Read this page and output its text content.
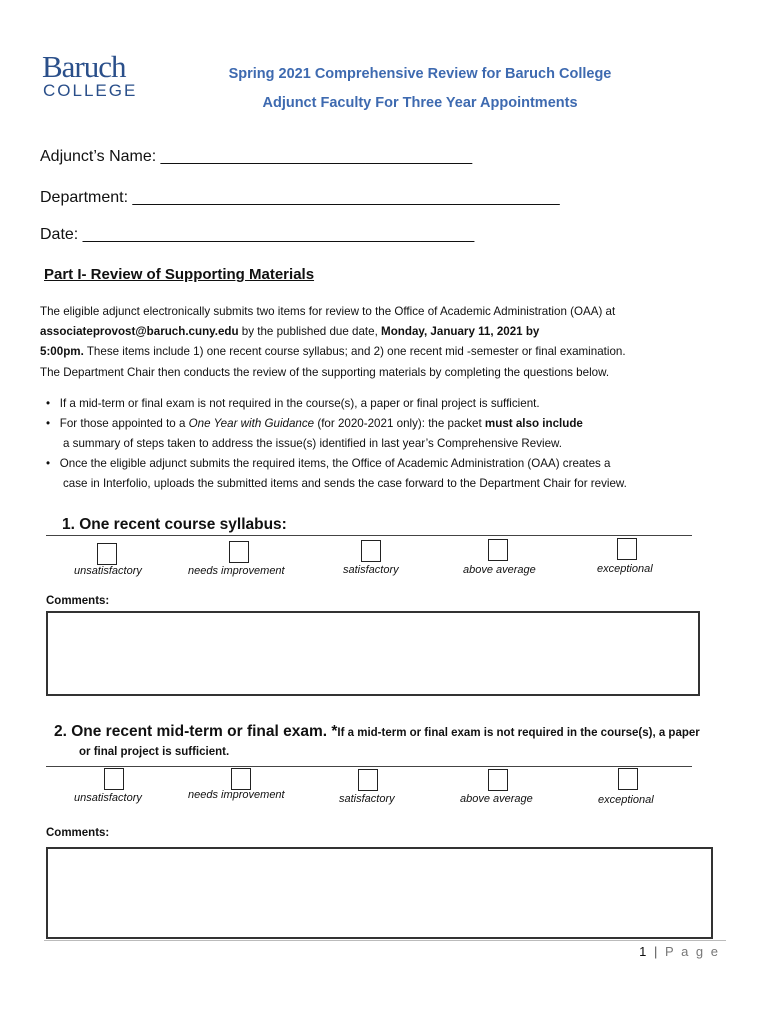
Baruch
COLLEGE
Spring 2021 Comprehensive Review for Baruch College
Adjunct Faculty For Three Year Appointments
Adjunct’s Name: ___________________________________
Department: ________________________________________________
Date: ____________________________________________
Part I- Review of Supporting Materials
The eligible adjunct electronically submits two items for review to the Office of Academic Administration (OAA) at
associateprovost@baruch.cuny.edu by the published due date, Monday, January 11, 2021 by
5:00pm. These items include 1) one recent course syllabus; and 2) one recent mid -semester or final examination.
The Department Chair then conducts the review of the supporting materials by completing the questions below.
•   If a mid-term or final exam is not required in the course(s), a paper or final project is sufficient.
•   For those appointed to a One Year with Guidance (for 2020-2021 only): the packet must also include
a summary of steps taken to address the issue(s) identified in last year’s Comprehensive Review.
•   Once the eligible adjunct submits the required items, the Office of Academic Administration (OAA) creates a
case in Interfolio, uploads the submitted items and sends the case forward to the Department Chair for review.
1. One recent course syllabus:
unsatisfactory	needs improvement	satisfactory	above average	exceptional
Comments:
2. One recent mid-term or final exam. *If a mid-term or final exam is not required in the course(s), a paper
or final project is sufficient.
unsatisfactory	needs improvement	satisfactory	above average	exceptional
Comments:
1 | P a g e
